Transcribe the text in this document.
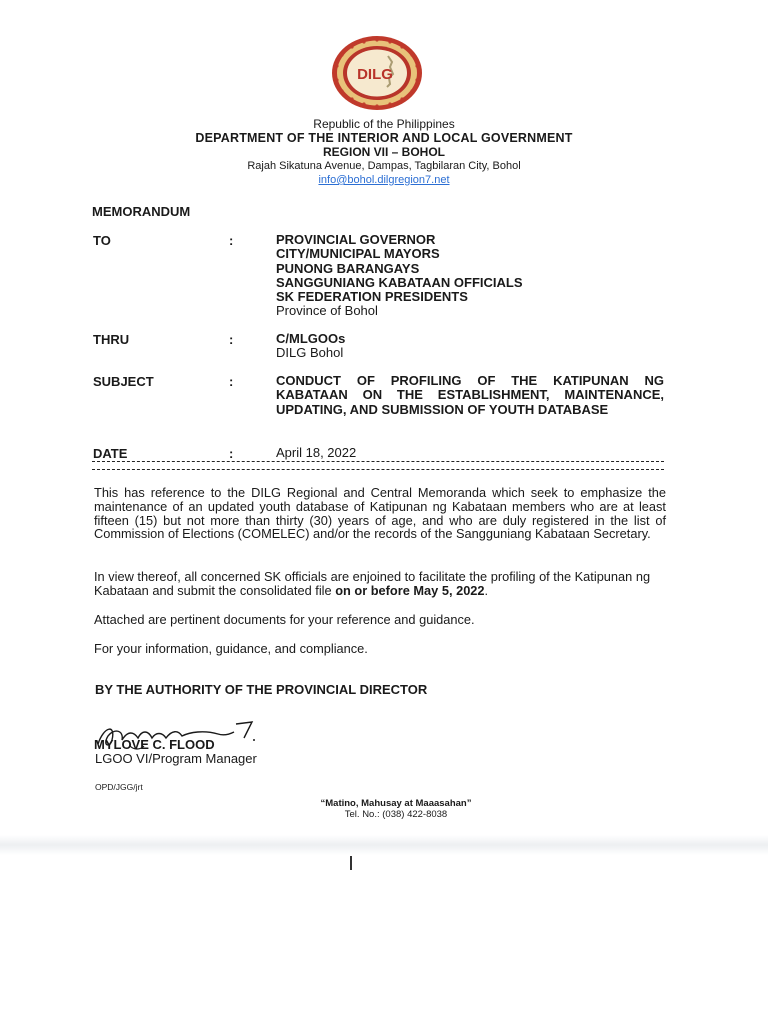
DILG
Republic of the Philippines
DEPARTMENT OF THE INTERIOR AND LOCAL GOVERNMENT
REGION VII – BOHOL
Rajah Sikatuna Avenue, Dampas, Tagbilaran City, Bohol
info@bohol.dilgregion7.net
MEMORANDUM
TO	:	PROVINCIAL GOVERNOR
CITY/MUNICIPAL MAYORS
PUNONG BARANGAYS
SANGGUNIANG KABATAAN OFFICIALS
SK FEDERATION PRESIDENTS
Province of Bohol
THRU	:	C/MLGOOs
DILG Bohol
SUBJECT	:	CONDUCT OF PROFILING OF THE KATIPUNAN NG KABATAAN ON THE ESTABLISHMENT, MAINTENANCE, UPDATING, AND SUBMISSION OF YOUTH DATABASE
DATE	:	April 18, 2022
This has reference to the DILG Regional and Central Memoranda which seek to emphasize the maintenance of an updated youth database of Katipunan ng Kabataan members who are at least fifteen (15) but not more than thirty (30) years of age, and who are duly registered in the list of Commission of Elections (COMELEC) and/or the records of the Sangguniang Kabataan Secretary.
In view thereof, all concerned SK officials are enjoined to facilitate the profiling of the Katipunan ng Kabataan and submit the consolidated file on or before May 5, 2022.
Attached are pertinent documents for your reference and guidance.
For your information, guidance, and compliance.
BY THE AUTHORITY OF THE PROVINCIAL DIRECTOR
MYLOVE C. FLOOD
LGOO VI/Program Manager
OPD/JGG/jrt
“Matino, Mahusay at Maaasahan”
Tel. No.: (038) 422-8038
